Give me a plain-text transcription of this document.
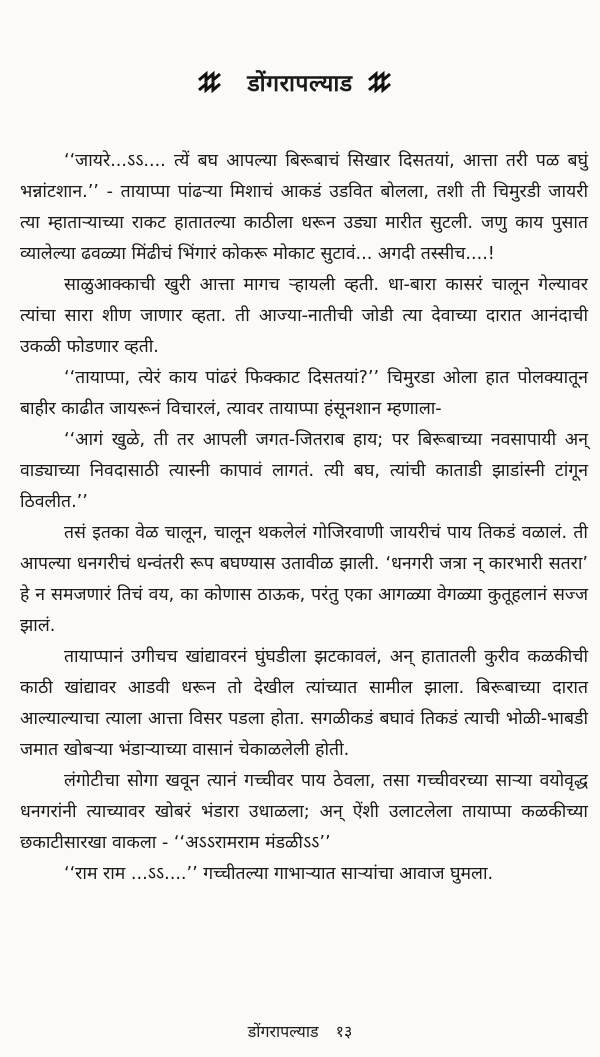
डोंगरापल्याड

‘‘जायरे...ऽऽ.... त्यें बघ आपल्या बिरूबाचं सिखार दिसतयां, आत्ता तरी पळ बघुं भन्नांटशान.’’ - तायाप्पा पांढऱ्या मिशाचं आकडं उडवित बोलला, तशी ती चिमुरडी जायरी त्या म्हाताऱ्याच्या राकट हातातल्या काठीला धरून उड्या मारीत सुटली. जणु काय पुसात व्यालेल्या ढवळ्या मिंढीचं भिंगारं कोकरू मोकाट सुटावं... अगदी तस्सीच....!

साळुआक्काची खुरी आत्ता मागच ऱ्हायली व्हती. धा-बारा कासरं चालून गेल्यावर त्यांचा सारा शीण जाणार व्हता. ती आज्या-नातीची जोडी त्या देवाच्या दारात आनंदाची उकळी फोडणार व्हती.

‘‘तायाप्पा, त्येरं काय पांढरं फिक्काट दिसतयां?’’ चिमुरडा ओला हात पोलक्यातून बाहीर काढीत जायरूनं विचारलं, त्यावर तायाप्पा हंसूनशान म्हणाला-

‘‘आगं खुळे, ती तर आपली जगत-जितराब हाय; पर बिरूबाच्या नवसापायी अन् वाड्याच्या निवदासाठी त्यास्नी कापावं लागतं. त्यी बघ, त्यांची काताडी झाडांस्नी टांगून ठिवलीत.’’

तसं इतका वेळ चालून, चालून थकलेलं गोजिरवाणी जायरीचं पाय तिकडं वळालं. ती आपल्या धनगरीचं धन्वंतरी रूप बघण्यास उतावीळ झाली. ‘धनगरी जत्रा न् कारभारी सतरा’ हे न समजणारं तिचं वय, का कोणास ठाऊक, परंतु एका आगळ्या वेगळ्या कुतूहलानं सज्ज झालं.

तायाप्पानं उगीचच खांद्यावरनं घुंघडीला झटकावलं, अन् हातातली कुरीव कळकीची काठी खांद्यावर आडवी धरून तो देखील त्यांच्यात सामील झाला. बिरूबाच्या दारात आल्याल्याचा त्याला आत्ता विसर पडला होता. सगळीकडं बघावं तिकडं त्याची भोळी-भाबडी जमात खोबऱ्या भंडाऱ्याच्या वासानं चेकाळलेली होती.

लंगोटीचा सोगा खवून त्यानं गच्चीवर पाय ठेवला, तसा गच्चीवरच्या साऱ्या वयोवृद्ध धनगरांनी त्याच्यावर खोबरं भंडारा उधाळला; अन् ऐंशी उलाटलेला तायाप्पा कळकीच्या छकाटीसारखा वाकला - ‘‘अऽऽरामराम मंडळीऽऽ’’

‘‘राम राम ...ऽऽ....’’ गच्चीतल्या गाभाऱ्यात साऱ्यांचा आवाज घुमला.

डोंगरापल्याड १३
